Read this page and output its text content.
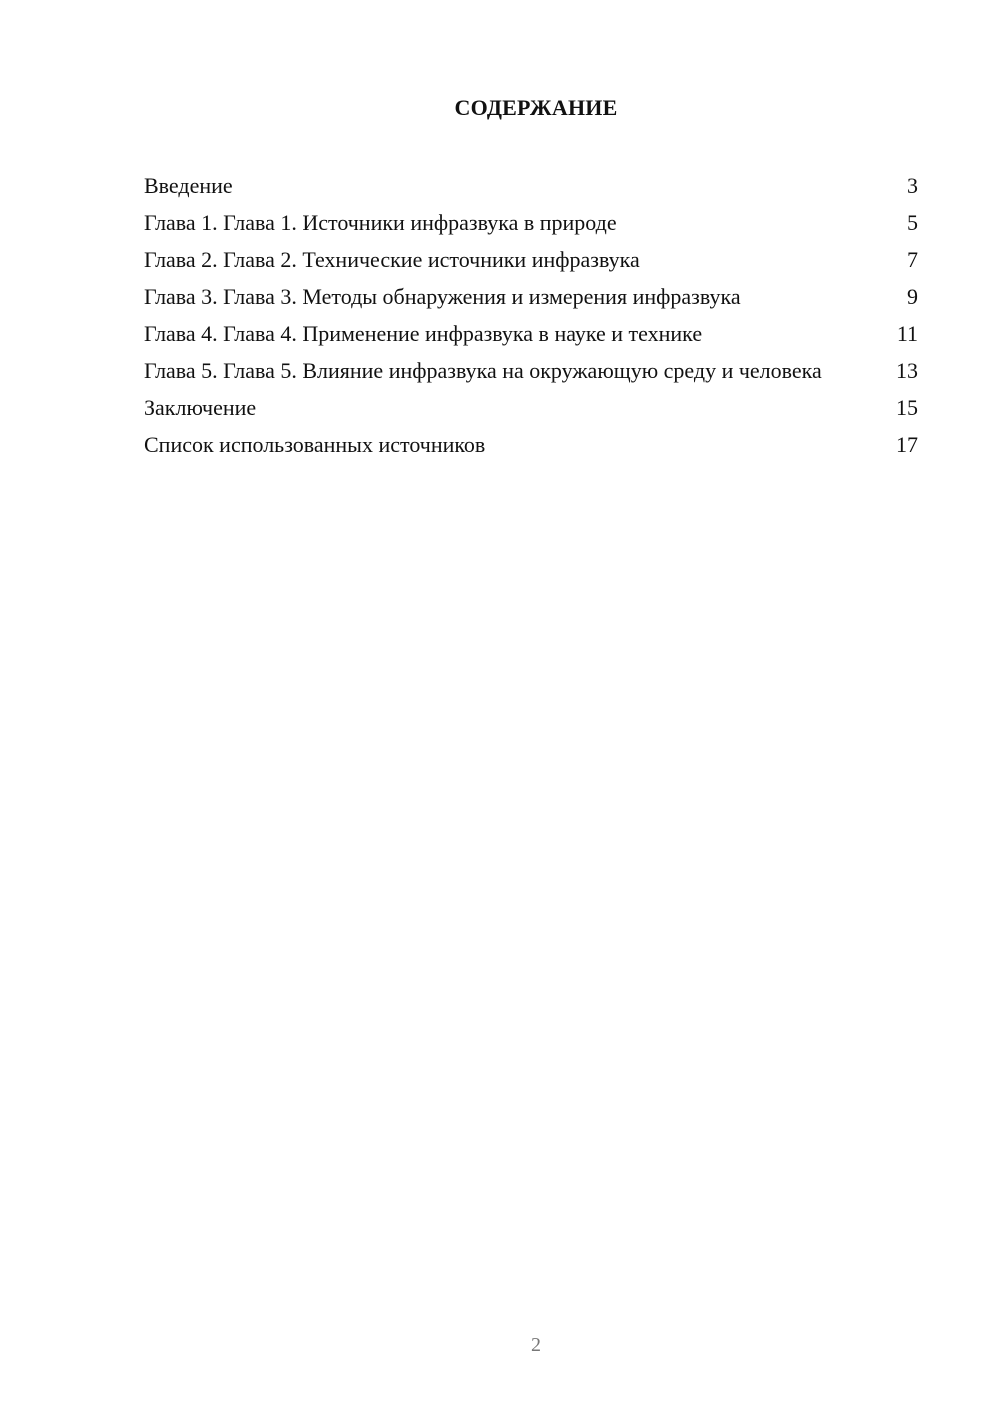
СОДЕРЖАНИЕ
Введение	3
Глава 1. Глава 1. Источники инфразвука в природе	5
Глава 2. Глава 2. Технические источники инфразвука	7
Глава 3. Глава 3. Методы обнаружения и измерения инфразвука	9
Глава 4. Глава 4. Применение инфразвука в науке и технике	11
Глава 5. Глава 5. Влияние инфразвука на окружающую среду и человека	13
Заключение	15
Список использованных источников	17
2
